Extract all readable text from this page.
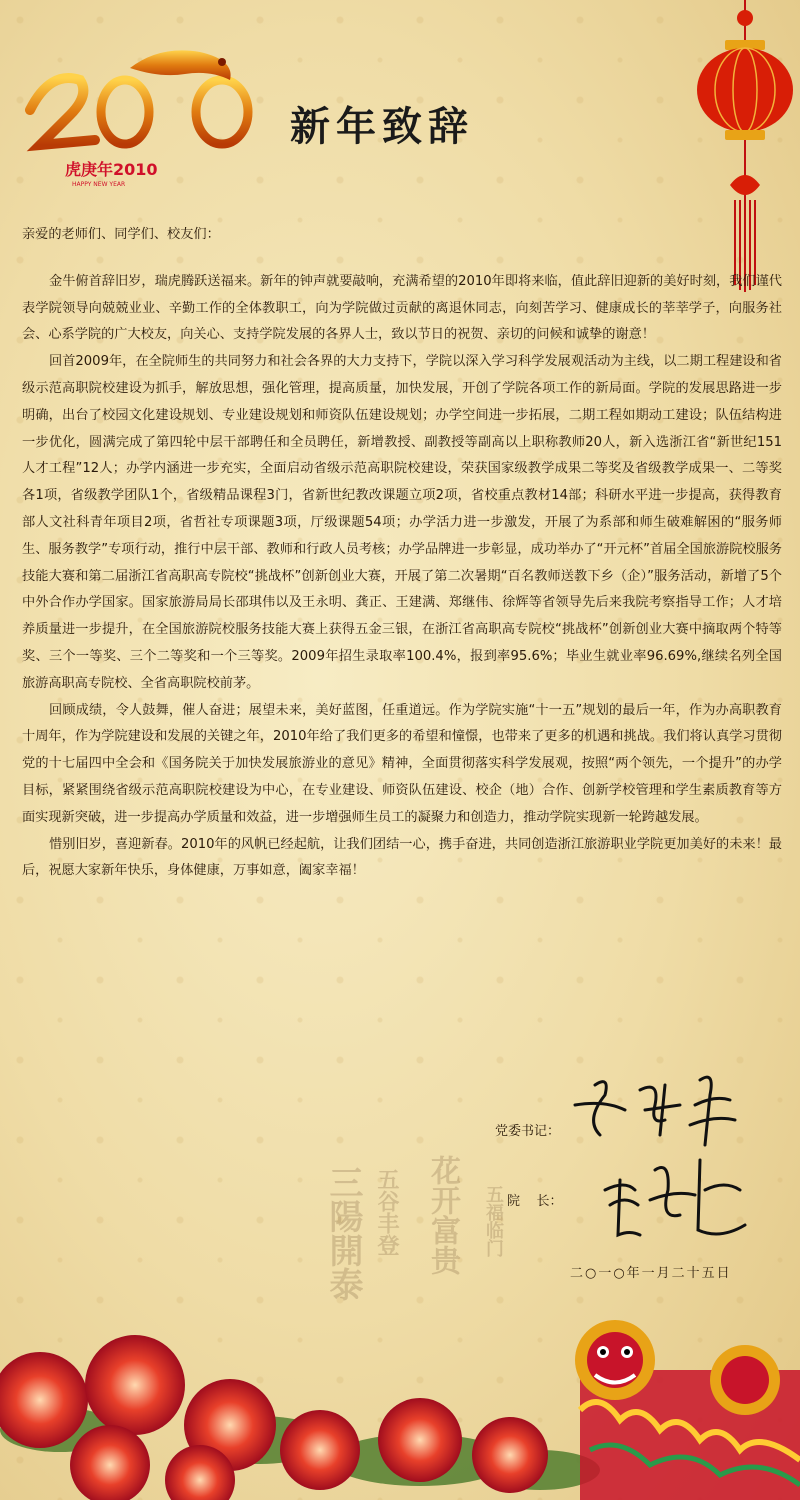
三陽開泰 五谷丰登 花开富贵 五福临门
虎庚年2010
HAPPY NEW YEAR
新年致辞

亲爱的老师们、同学们、校友们：

金牛俯首辞旧岁，瑞虎腾跃送福来。新年的钟声就要敲响，充满希望的2010年即将来临，值此辞旧迎新的美好时刻，我们谨代表学院领导向兢兢业业、辛勤工作的全体教职工，向为学院做过贡献的离退休同志，向刻苦学习、健康成长的莘莘学子，向服务社会、心系学院的广大校友，向关心、支持学院发展的各界人士，致以节日的祝贺、亲切的问候和诚挚的谢意！

回首2009年，在全院师生的共同努力和社会各界的大力支持下，学院以深入学习科学发展观活动为主线，以二期工程建设和省级示范高职院校建设为抓手，解放思想，强化管理，提高质量，加快发展，开创了学院各项工作的新局面。学院的发展思路进一步明确，出台了校园文化建设规划、专业建设规划和师资队伍建设规划；办学空间进一步拓展，二期工程如期动工建设；队伍结构进一步优化，圆满完成了第四轮中层干部聘任和全员聘任，新增教授、副教授等副高以上职称教师20人，新入选浙江省“新世纪151人才工程”12人；办学内涵进一步充实，全面启动省级示范高职院校建设，荣获国家级教学成果二等奖及省级教学成果一、二等奖各1项，省级教学团队1个，省级精品课程3门，省新世纪教改课题立项2项，省校重点教材14部；科研水平进一步提高，获得教育部人文社科青年项目2项，省哲社专项课题3项，厅级课题54项；办学活力进一步激发，开展了为系部和师生破难解困的“服务师生、服务教学”专项行动，推行中层干部、教师和行政人员考核；办学品牌进一步彰显，成功举办了“开元杯”首届全国旅游院校服务技能大赛和第二届浙江省高职高专院校“挑战杯”创新创业大赛，开展了第二次暑期“百名教师送教下乡（企）”服务活动，新增了5个中外合作办学国家。国家旅游局局长邵琪伟以及王永明、龚正、王建满、郑继伟、徐辉等省领导先后来我院考察指导工作；人才培养质量进一步提升，在全国旅游院校服务技能大赛上获得五金三银，在浙江省高职高专院校“挑战杯”创新创业大赛中摘取两个特等奖、三个一等奖、三个二等奖和一个三等奖。2009年招生录取率100.4%，报到率95.6%；毕业生就业率96.69%,继续名列全国旅游高职高专院校、全省高职院校前茅。

回顾成绩，令人鼓舞，催人奋进；展望未来，美好蓝图，任重道远。作为学院实施“十一五”规划的最后一年，作为办高职教育十周年，作为学院建设和发展的关键之年，2010年给了我们更多的希望和憧憬，也带来了更多的机遇和挑战。我们将认真学习贯彻党的十七届四中全会和《国务院关于加快发展旅游业的意见》精神，全面贯彻落实科学发展观，按照“两个领先，一个提升”的办学目标，紧紧围绕省级示范高职院校建设为中心，在专业建设、师资队伍建设、校企（地）合作、创新学校管理和学生素质教育等方面实现新突破，进一步提高办学质量和效益，进一步增强师生员工的凝聚力和创造力，推动学院实现新一轮跨越发展。

惜别旧岁，喜迎新春。2010年的风帆已经起航，让我们团结一心，携手奋进，共同创造浙江旅游职业学院更加美好的未来！最后，祝愿大家新年快乐，身体健康，万事如意，阖家幸福！

党委书记：
院    长：
二○一○年一月二十五日
